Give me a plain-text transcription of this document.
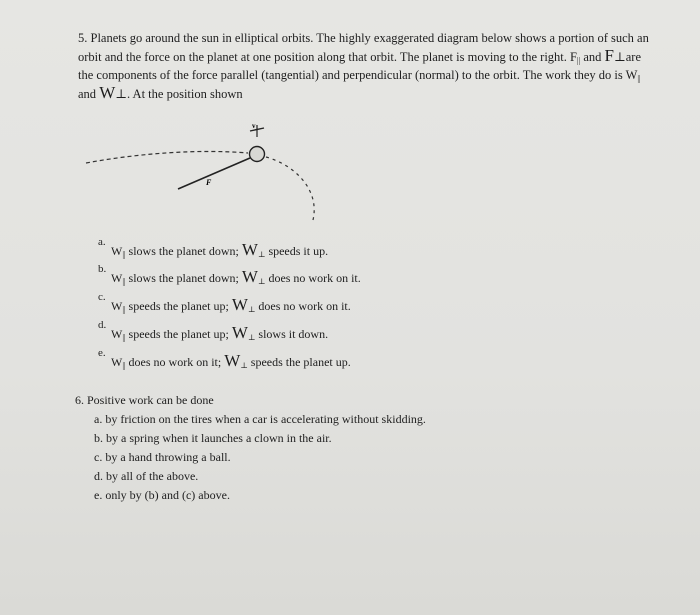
5. Planets go around the sun in elliptical orbits. The highly exaggerated diagram below shows a portion of such an
orbit and the force on the planet at one position along that orbit. The planet is moving to the right. $F_{||}$ and F⊥are
the components of the force parallel (tangential) and perpendicular (normal) to the orbit. The work they do is $W_{||}$
and W⊥. At the position shown
v
F
a.
$W_{||}$ slows the planet down; $W_\perp$ speeds it up.
b.
$W_{||}$ slows the planet down; $W_\perp$ does no work on it.
c.
$W_{||}$ speeds the planet up; $W_\perp$ does no work on it.
d.
$W_{||}$ speeds the planet up; $W_\perp$ slows it down.
e.
$W_{||}$ does no work on it; $W_\perp$ speeds the planet up.
6. Positive work can be done
a. by friction on the tires when a car is accelerating without skidding.
b. by a spring when it launches a clown in the air.
c. by a hand throwing a ball.
d. by all of the above.
e. only by (b) and (c) above.
